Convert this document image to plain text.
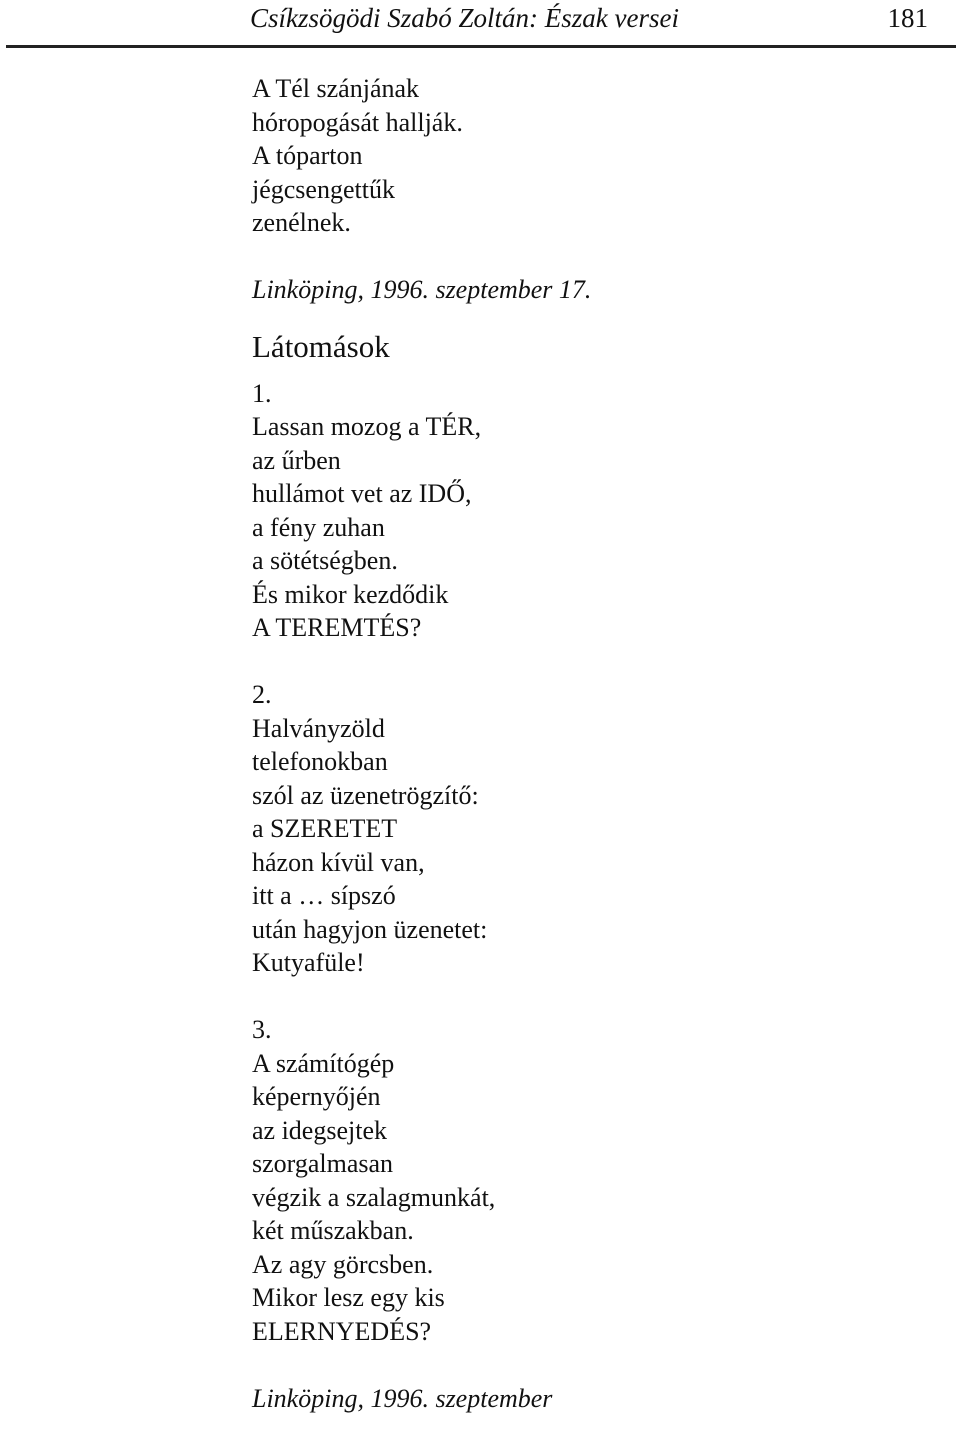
Csíkzsögödi Szabó Zoltán: Észak versei	181
A Tél szánjának
hóropogását hallják.
A tóparton
jégcsengettűk
zenélnek.
Linköping, 1996. szeptember 17.
Látomások
1.
Lassan mozog a TÉR,
az űrben
hullámot vet az IDŐ,
a fény zuhan
a sötétségben.
És mikor kezdődik
A TEREMTÉS?
2.
Halványzöld
telefonokban
szól az üzenetrögzítő:
a SZERETET
házon kívül van,
itt a … sípszó
után hagyjon üzenetet:
Kutyafüle!
3.
A számítógép
képernyőjén
az idegsejtek
szorgalmasan
végzik a szalagmunkát,
két műszakban.
Az agy görcsben.
Mikor lesz egy kis
ELERNYEDÉS?
Linköping, 1996. szeptember
